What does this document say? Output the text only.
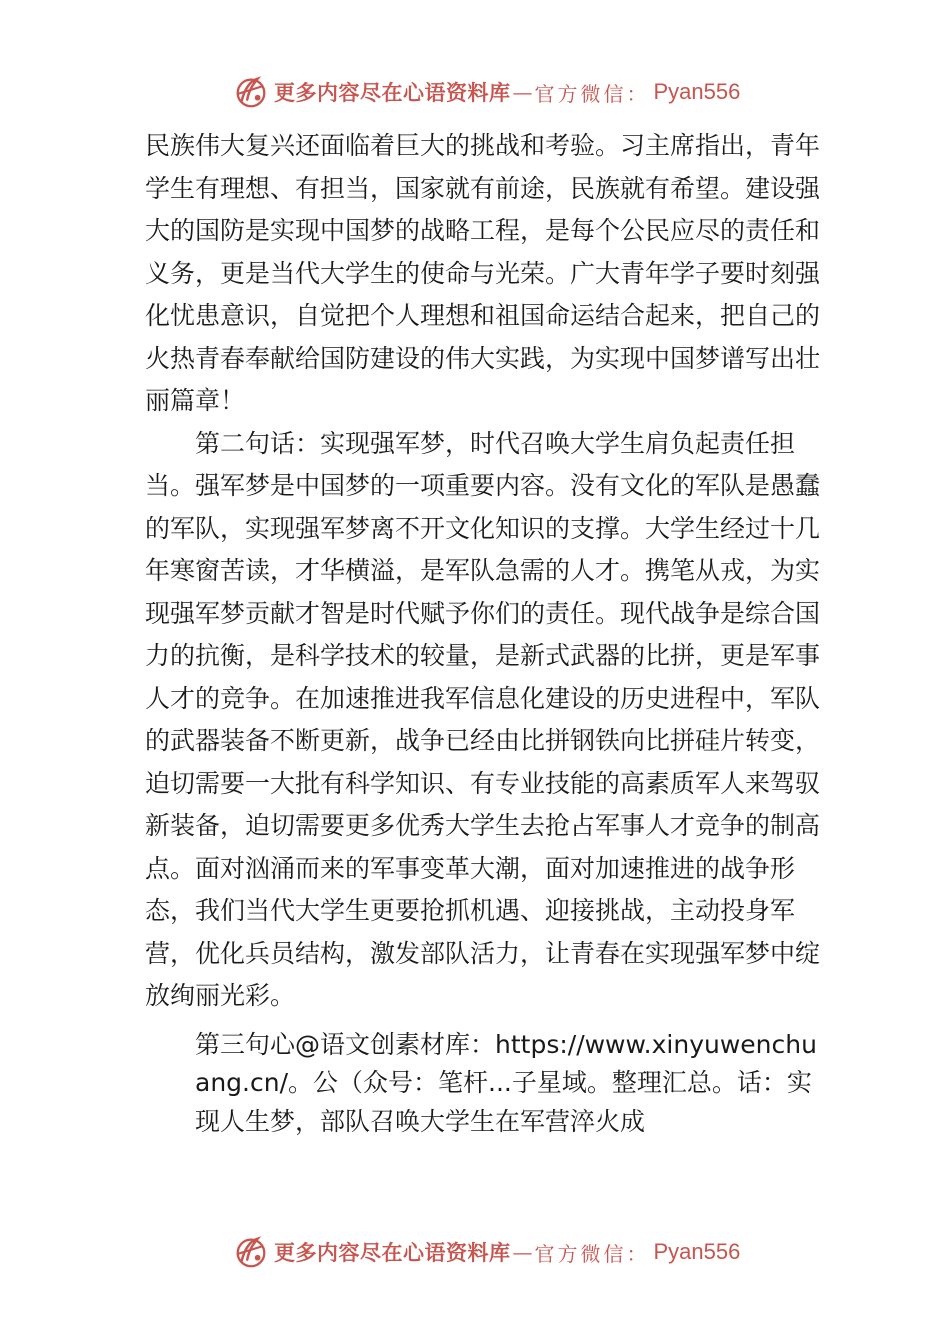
更多内容尽在心语资料库 — 官方微信： Pyan556

民族伟大复兴还面临着巨大的挑战和考验。习主席指出，青年学生有理想、有担当，国家就有前途，民族就有希望。建设强大的国防是实现中国梦的战略工程，是每个公民应尽的责任和义务，更是当代大学生的使命与光荣。广大青年学子要时刻强化忧患意识，自觉把个人理想和祖国命运结合起来，把自己的火热青春奉献给国防建设的伟大实践，为实现中国梦谱写出壮丽篇章！

第二句话：实现强军梦，时代召唤大学生肩负起责任担当。强军梦是中国梦的一项重要内容。没有文化的军队是愚蠢的军队，实现强军梦离不开文化知识的支撑。大学生经过十几年寒窗苦读，才华横溢，是军队急需的人才。携笔从戎，为实现强军梦贡献才智是时代赋予你们的责任。现代战争是综合国力的抗衡，是科学技术的较量，是新式武器的比拼，更是军事人才的竞争。在加速推进我军信息化建设的历史进程中，军队的武器装备不断更新，战争已经由比拼钢铁向比拼硅片转变，迫切需要一大批有科学知识、有专业技能的高素质军人来驾驭新装备，迫切需要更多优秀大学生去抢占军事人才竞争的制高点。面对汹涌而来的军事变革大潮，面对加速推进的战争形态，我们当代大学生更要抢抓机遇、迎接挑战，主动投身军营，优化兵员结构，激发部队活力，让青春在实现强军梦中绽放绚丽光彩。

第三句心@语文创素材库：https://www.xinyuwenchuang.cn/。公（众号：笔杆...子星域。整理汇总。话：实现人生梦，部队召唤大学生在军营淬火成

更多内容尽在心语资料库 — 官方微信： Pyan556
